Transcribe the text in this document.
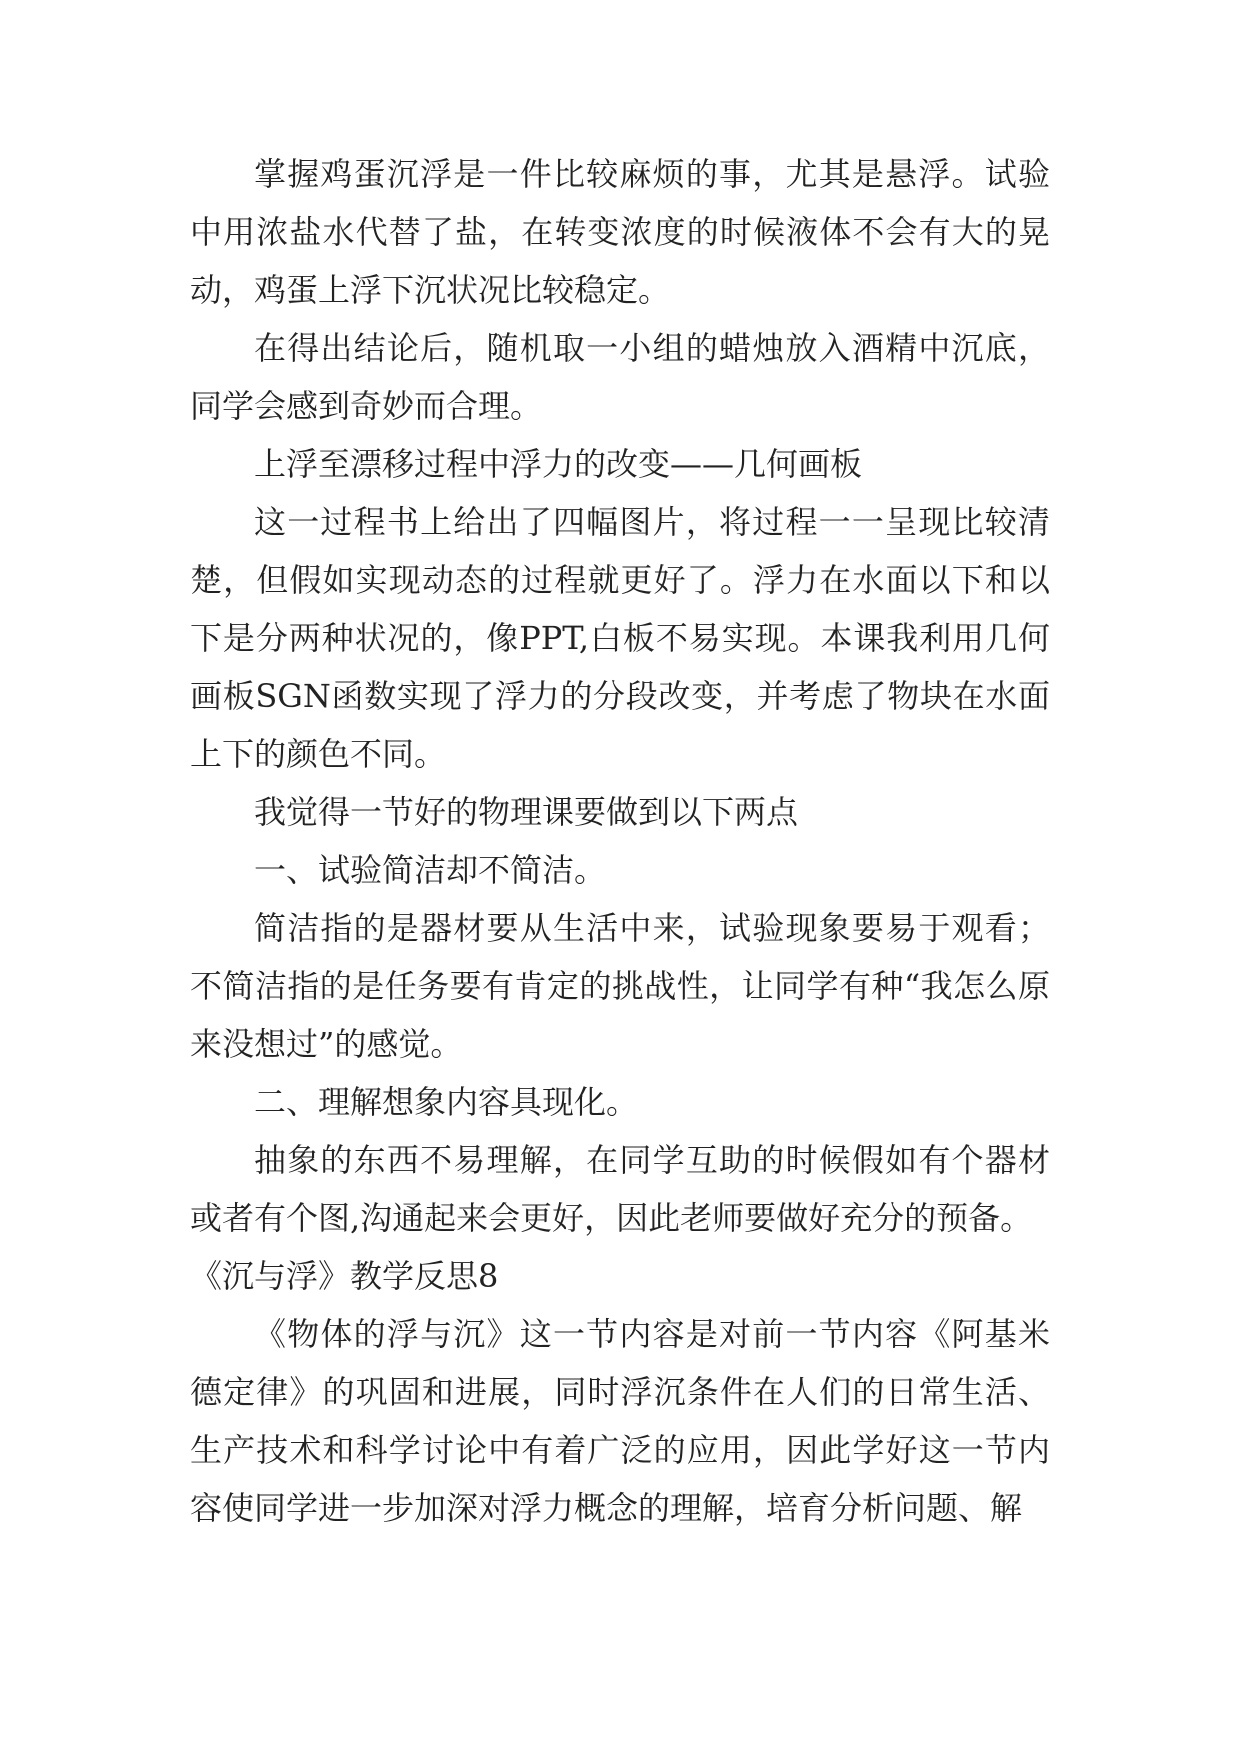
掌握鸡蛋沉浮是一件比较麻烦的事，尤其是悬浮。试验中用浓盐水代替了盐，在转变浓度的时候液体不会有大的晃动，鸡蛋上浮下沉状况比较稳定。

在得出结论后，随机取一小组的蜡烛放入酒精中沉底，同学会感到奇妙而合理。

上浮至漂移过程中浮力的改变——几何画板

这一过程书上给出了四幅图片，将过程一一呈现比较清楚，但假如实现动态的过程就更好了。浮力在水面以下和以下是分两种状况的，像PPT,白板不易实现。本课我利用几何画板SGN函数实现了浮力的分段改变，并考虑了物块在水面上下的颜色不同。

我觉得一节好的物理课要做到以下两点

一、试验简洁却不简洁。

简洁指的是器材要从生活中来，试验现象要易于观看；不简洁指的是任务要有肯定的挑战性，让同学有种“我怎么原来没想过”的感觉。

二、理解想象内容具现化。

抽象的东西不易理解，在同学互助的时候假如有个器材或者有个图,沟通起来会更好，因此老师要做好充分的预备。

《沉与浮》教学反思8

《物体的浮与沉》这一节内容是对前一节内容《阿基米德定律》的巩固和进展，同时浮沉条件在人们的日常生活、生产技术和科学讨论中有着广泛的应用，因此学好这一节内容使同学进一步加深对浮力概念的理解，培育分析问题、解
